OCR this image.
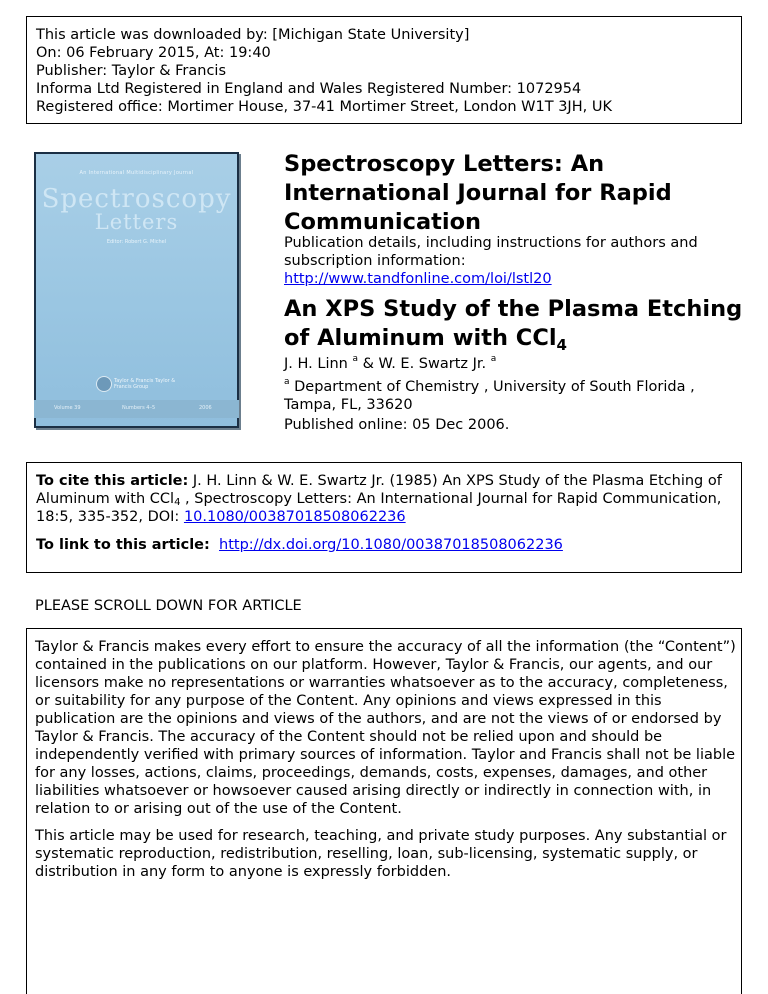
This article was downloaded by: [Michigan State University]
On: 06 February 2015, At: 19:40
Publisher: Taylor & Francis
Informa Ltd Registered in England and Wales Registered Number: 1072954
Registered office: Mortimer House, 37-41 Mortimer Street, London W1T 3JH, UK
An International Multidisciplinary Journal
Spectroscopy
Letters
Editor: Robert G. Michel
Taylor & Francis Taylor & Francis Group
Volume 39	Numbers 4–5	2006
Spectroscopy Letters: An International Journal for Rapid Communication
Publication details, including instructions for authors and subscription information:
http://www.tandfonline.com/loi/lstl20
An XPS Study of the Plasma Etching of Aluminum with CCl$_4$
J. H. Linn $^a$ & W. E. Swartz Jr. $^a$
$^a$ Department of Chemistry , University of South Florida , Tampa, FL, 33620
Published online: 05 Dec 2006.

To cite this article: J. H. Linn & W. E. Swartz Jr. (1985) An XPS Study of the Plasma Etching of Aluminum with CCl$_4$ , Spectroscopy Letters: An International Journal for Rapid Communication, 18:5, 335-352, DOI: 10.1080/00387018508062236

To link to this article: http://dx.doi.org/10.1080/00387018508062236

PLEASE SCROLL DOWN FOR ARTICLE

Taylor & Francis makes every effort to ensure the accuracy of all the information (the “Content”) contained in the publications on our platform. However, Taylor & Francis, our agents, and our licensors make no representations or warranties whatsoever as to the accuracy, completeness, or suitability for any purpose of the Content. Any opinions and views expressed in this publication are the opinions and views of the authors, and are not the views of or endorsed by Taylor & Francis. The accuracy of the Content should not be relied upon and should be independently verified with primary sources of information. Taylor and Francis shall not be liable for any losses, actions, claims, proceedings, demands, costs, expenses, damages, and other liabilities whatsoever or howsoever caused arising directly or indirectly in connection with, in relation to or arising out of the use of the Content.

This article may be used for research, teaching, and private study purposes. Any substantial or systematic reproduction, redistribution, reselling, loan, sub-licensing, systematic supply, or distribution in any form to anyone is expressly forbidden.
